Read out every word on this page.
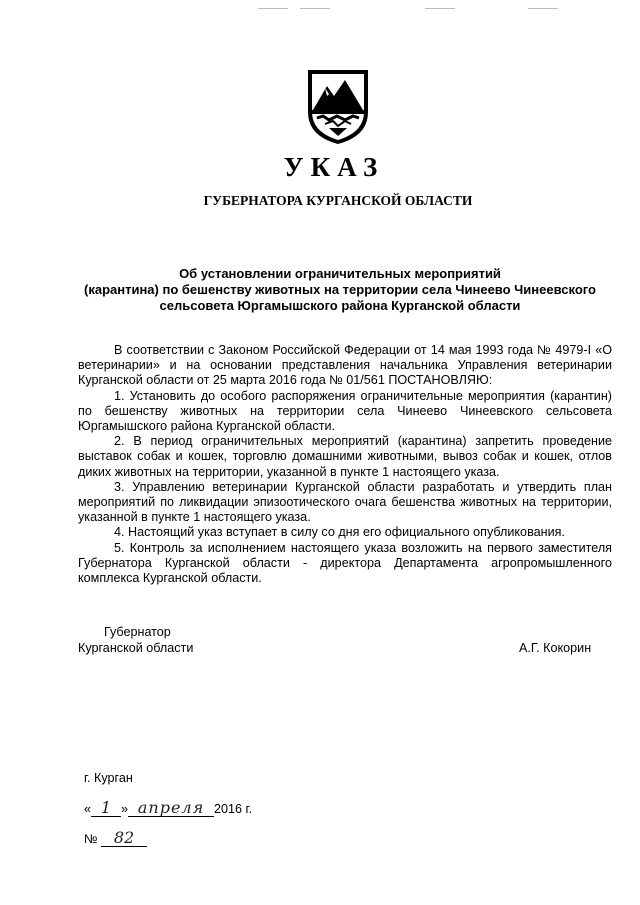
УКАЗ
ГУБЕРНАТОРА КУРГАНСКОЙ ОБЛАСТИ
Об установлении ограничительных мероприятий
(карантина) по бешенству животных на территории села Чинеево Чинеевского
сельсовета Юргамышского района Курганской области

В соответствии с Законом Российской Федерации от 14 мая 1993 года № 4979-I «О ветеринарии» и на основании представления начальника Управления ветеринарии Курганской области от 25 марта 2016 года № 01/561 ПОСТАНОВЛЯЮ:

1. Установить до особого распоряжения ограничительные мероприятия (карантин) по бешенству животных на территории села Чинеево Чинеевского сельсовета Юргамышского района Курганской области.

2. В период ограничительных мероприятий (карантина) запретить проведение выставок собак и кошек, торговлю домашними животными, вывоз собак и кошек, отлов диких животных на территории, указанной в пункте 1 настоящего указа.

3. Управлению ветеринарии Курганской области разработать и утвердить план мероприятий по ликвидации эпизоотического очага бешенства животных на территории, указанной в пункте 1 настоящего указа.

4. Настоящий указ вступает в силу со дня его официального опубликования.

5. Контроль за исполнением настоящего указа возложить на первого заместителя Губернатора Курганской области - директора Департамента агропромышленного комплекса Курганской области.

Губернатор
Курганской области	А.Г. Кокорин
г. Курган
« 1 » апреля 2016 г.
№ 82
